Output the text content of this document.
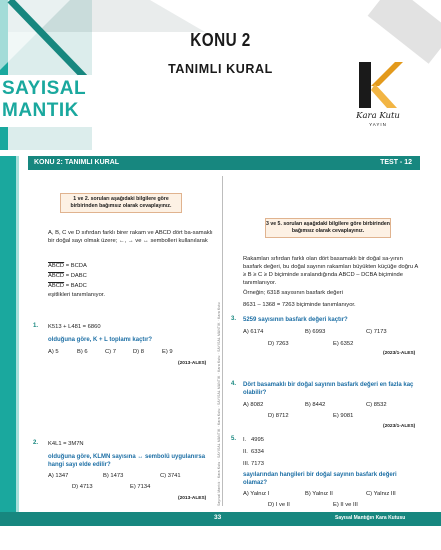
KONU 2
TANIMLI KURAL
SAYISAL
MANTIK	Kara Kutu
YAYIN
KONU 2: TANIMLI KURAL	TEST - 12
1 ve 2. soruları aşağıdaki bilgilere göre birbirinden bağımsız olarak cevaplayınız.
A, B, C ve D sıfırdan farklı birer rakam ve ABCD dört ba-samaklı bir doğal sayı olmak üzere; ←, → ve ↔ sembolleri kullanılarak
ABCD = BCDA
ABCD = DABC
ABCD = BADC
eşitlikleri tanımlanıyor.
1. K513 + L481 = 6860
olduğuna göre, K + L toplamı kaçtır?
A) 5	B) 6	C) 7	D) 8	E) 9
(2013-ALES)
2. K4L1 = 3M7N
olduğuna göre, KLMN sayısına ↔ sembolü uygulanırsa hangi sayı elde edilir?
A) 1347	B) 1473	C) 3741
D) 4713	E) 7134
(2013-ALES)	Sayısal Mantık · Kara Kutu · SAYISAL MANTIK · Kara Kutu · SAYISAL MANTIK · Kara Kutu · SAYISAL MANTIK · Kara Kutu
3 ve 5. soruları aşağıdaki bilgilere göre birbirinden bağımsız olarak cevaplayınız.
Rakamları sıfırdan farklı olan dört basamaklı bir doğal sa-yının basfark değeri, bu doğal sayının rakamları büyükten küçüğe doğru A ≥ B ≥ C ≥ D biçiminde sıralandığında ABCD – DCBA biçiminde tanımlanıyor.
Örneğin; 6318 sayısının basfark değeri
8631 – 1368 = 7263 biçiminde tanımlanıyor.
3. 5259 sayısının basfark değeri kaçtır?
A) 6174	B) 6993	C) 7173
D) 7263	E) 6352
(2023/1-ALES)
4. Dört basamaklı bir doğal sayının basfark değeri en fazla kaç olabilir?
A) 8082	B) 8442	C) 8532
D) 8712	E) 9081
(2023/1-ALES)
5. I.   4995
II.  6334
III. 7173
sayılarından hangileri bir doğal sayının basfark değeri olamaz?
A) Yalnız I	B) Yalnız II	C) Yalnız III
D) I ve II	E) II ve III
33	Sayısal Mantığın Kara Kutusu
